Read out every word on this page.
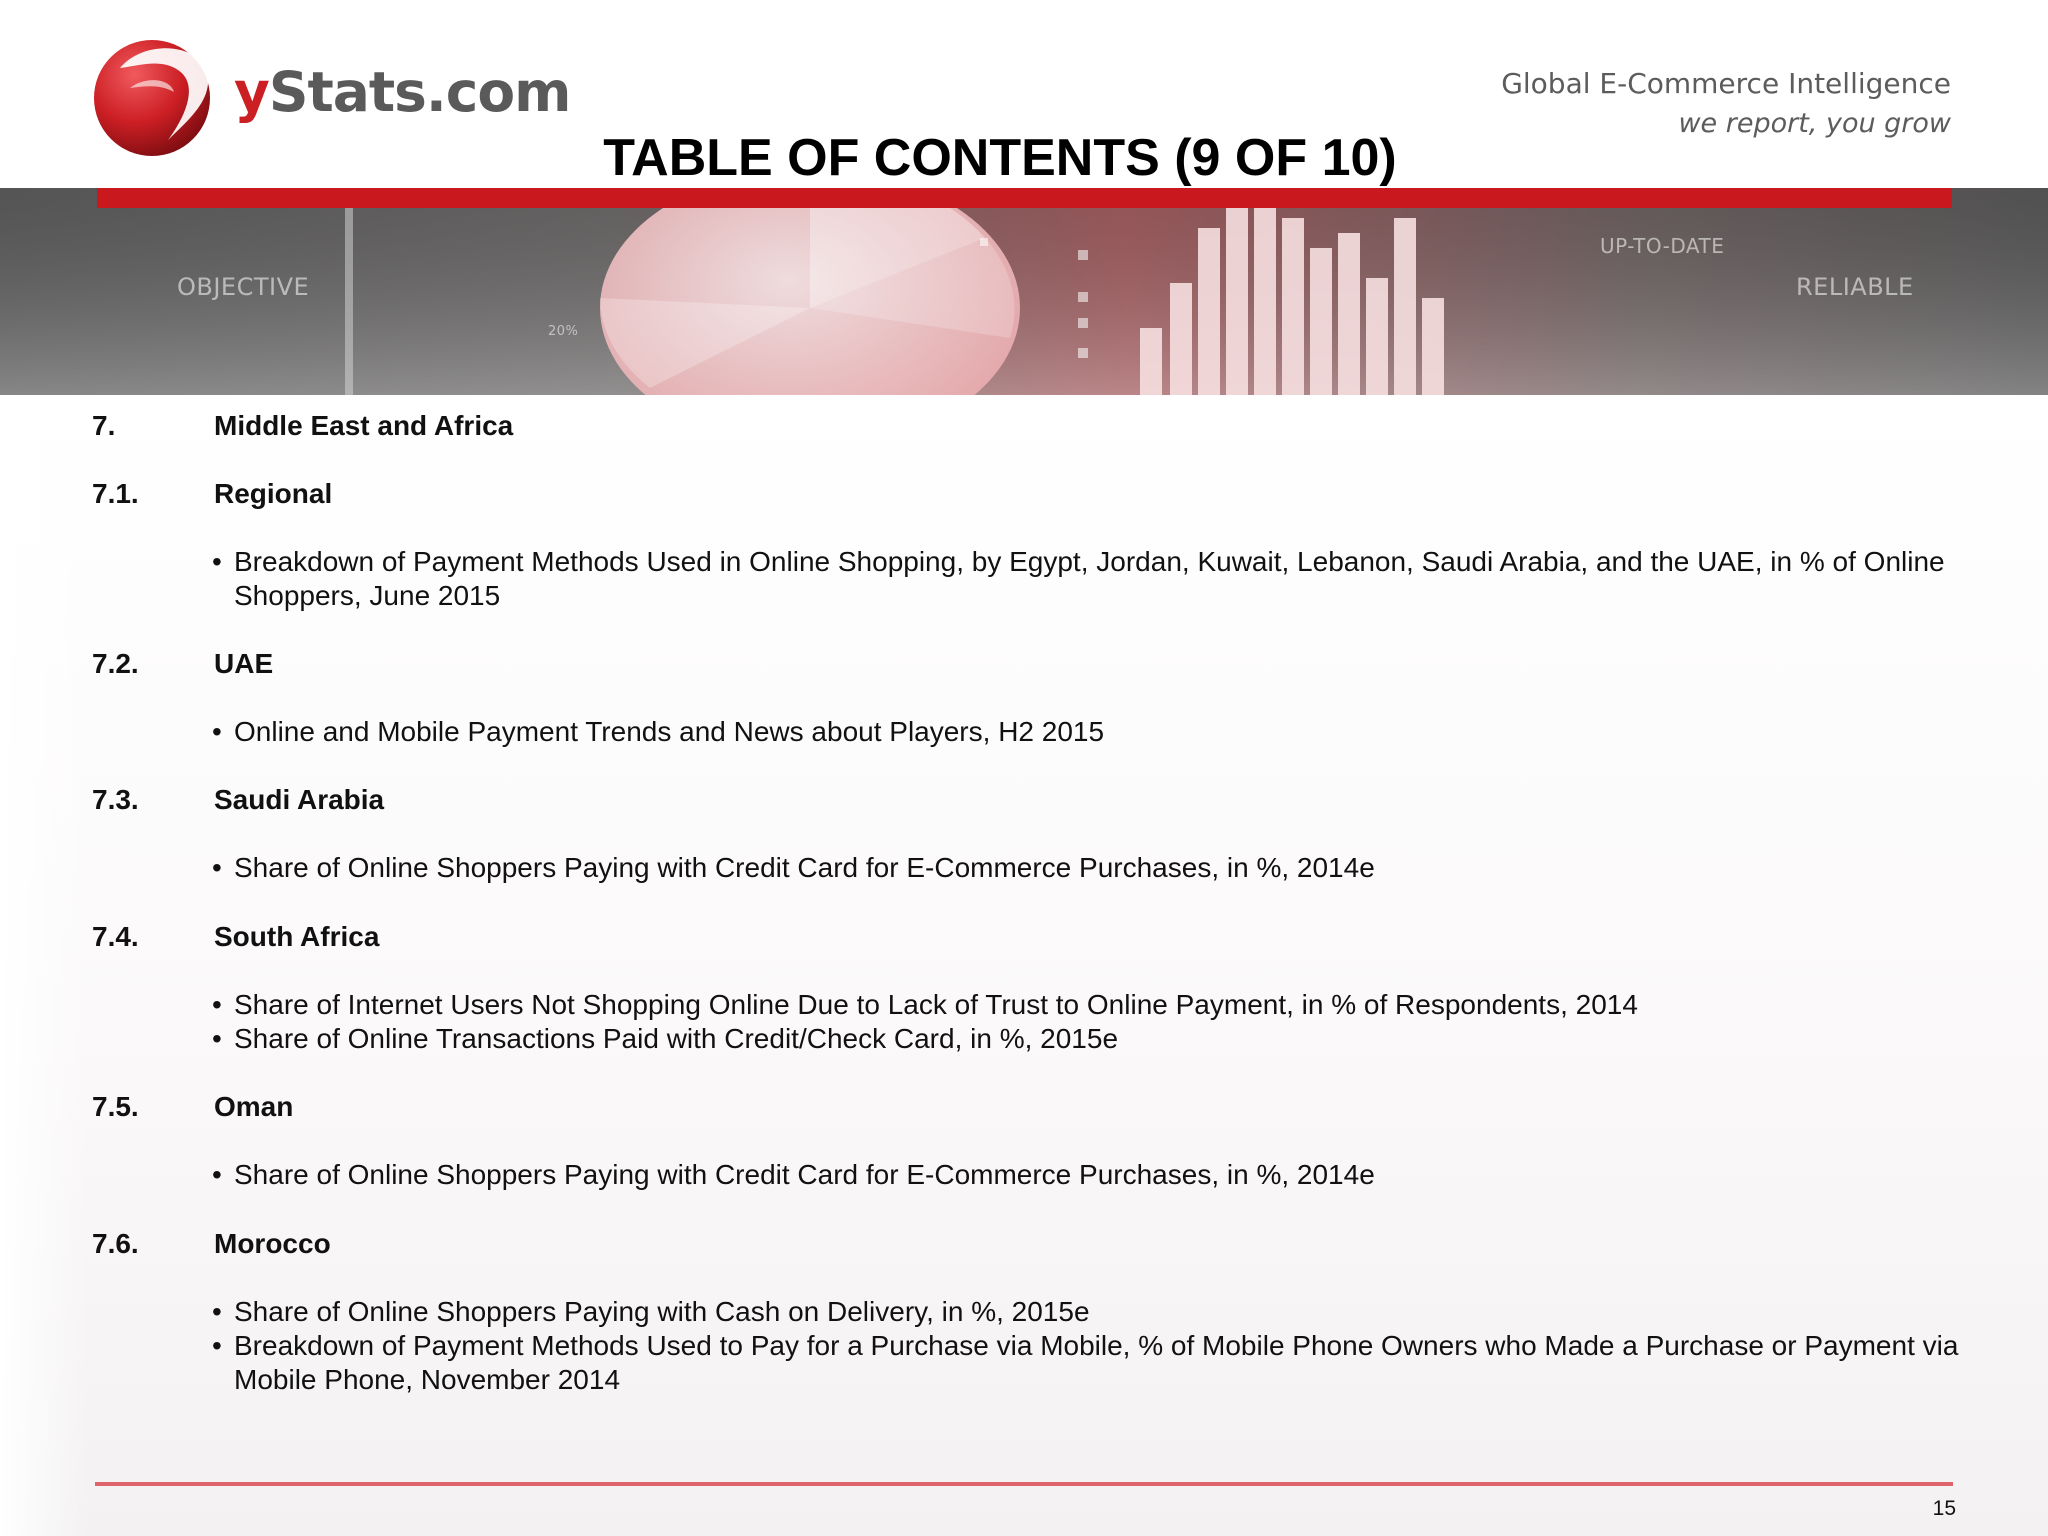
yStats.com	Global E-Commerce Intelligence
we report, you grow
OBJECTIVE
UP-TO-DATE
RELIABLE
20%
TABLE OF CONTENTS (9 OF 10)
7.	Middle East and Africa
7.1.	Regional
• Breakdown of Payment Methods Used in Online Shopping, by Egypt, Jordan, Kuwait, Lebanon, Saudi Arabia, and the UAE, in % of Online Shoppers, June 2015
7.2.	UAE
• Online and Mobile Payment Trends and News about Players, H2 2015
7.3.	Saudi Arabia
• Share of Online Shoppers Paying with Credit Card for E-Commerce Purchases, in %, 2014e
7.4.	South Africa
• Share of Internet Users Not Shopping Online Due to Lack of Trust to Online Payment, in % of Respondents, 2014
• Share of Online Transactions Paid with Credit/Check Card, in %, 2015e
7.5.	Oman
• Share of Online Shoppers Paying with Credit Card for E-Commerce Purchases, in %, 2014e
7.6.	Morocco
• Share of Online Shoppers Paying with Cash on Delivery, in %, 2015e
• Breakdown of Payment Methods Used to Pay for a Purchase via Mobile, % of Mobile Phone Owners who Made a Purchase or Payment via Mobile Phone, November 2014
15
